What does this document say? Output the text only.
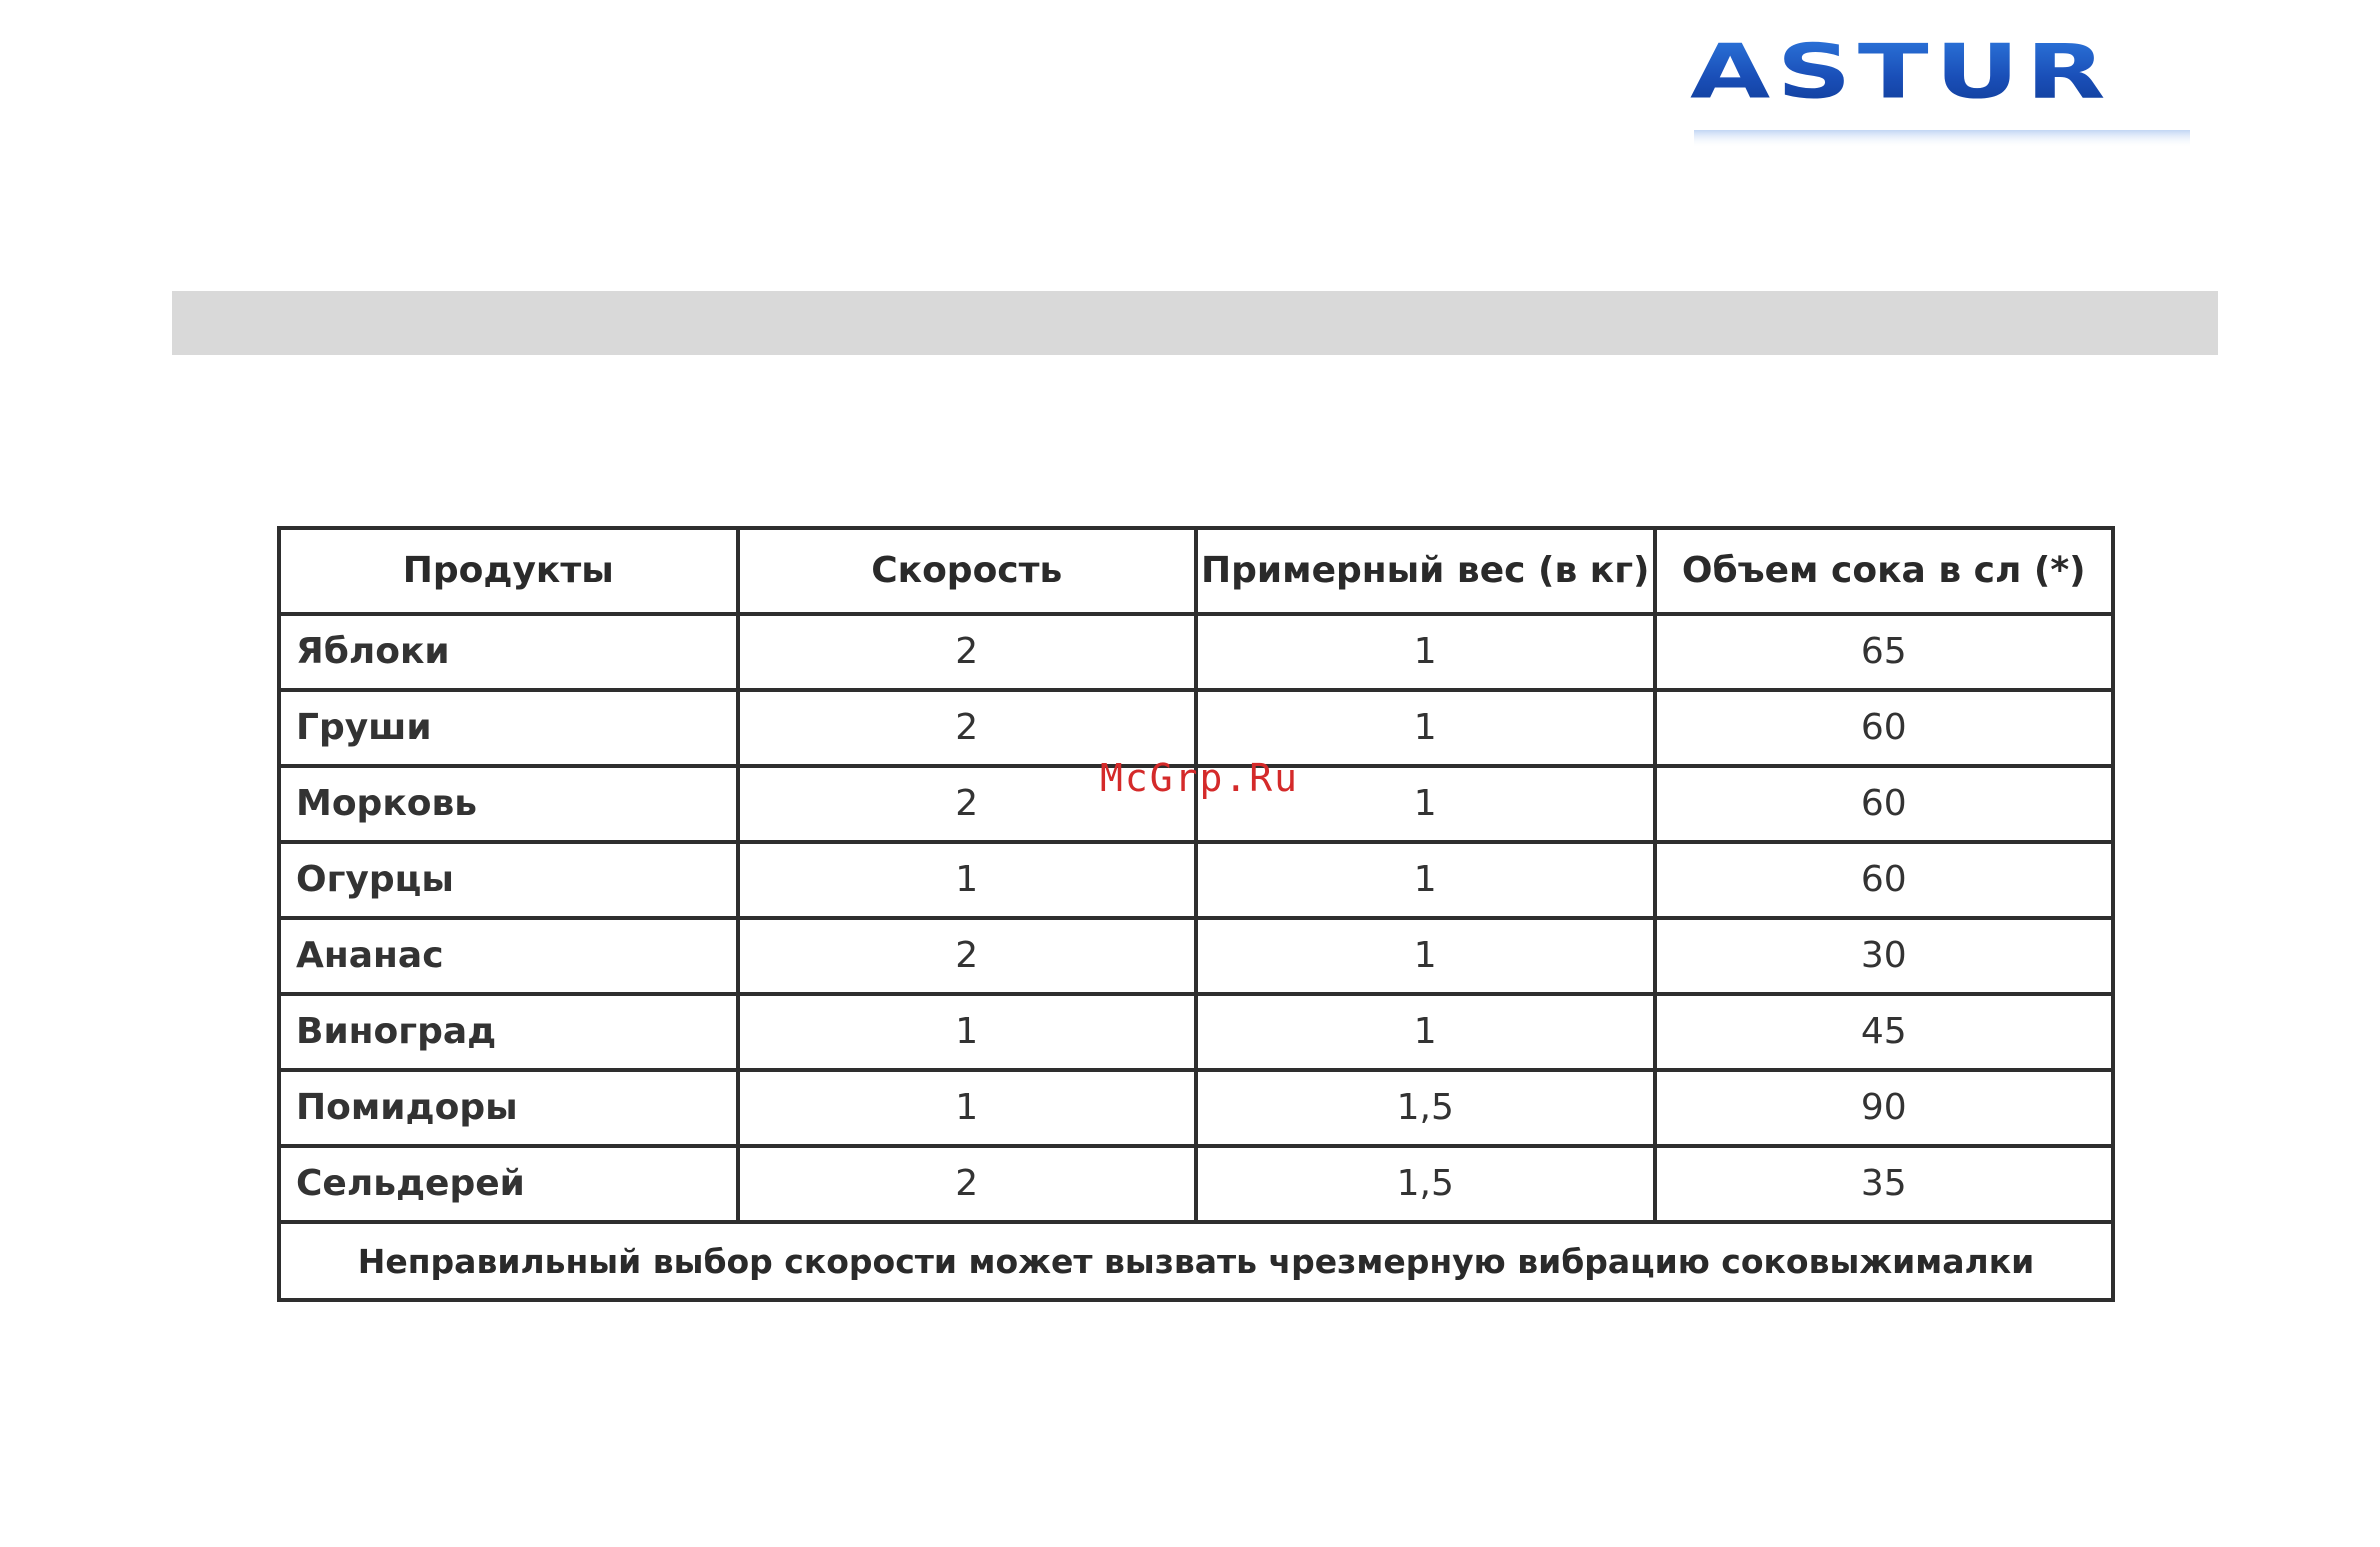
ASTUR
Продукты	Скорость	Примерный вес (в кг)	Объем сока в сл (*)
Яблоки	2	1	65
Груши	2	1	60
Морковь	2	1	60
Огурцы	1	1	60
Ананас	2	1	30
Виноград	1	1	45
Помидоры	1	1,5	90
Сельдерей	2	1,5	35
Неправильный выбор скорости может вызвать чрезмерную вибрацию соковыжималки			
McGrp.Ru
